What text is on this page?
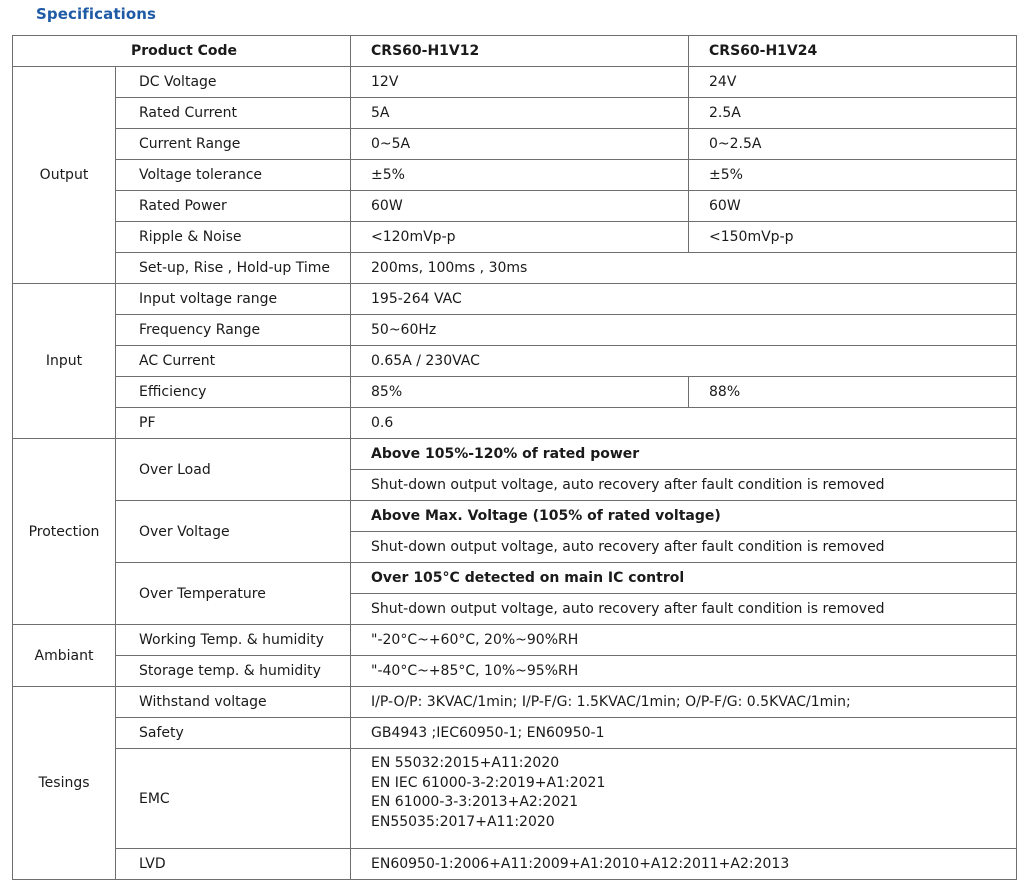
Specifications
Product Code		CRS60-H1V12	CRS60-H1V24
Output	DC Voltage	12V	24V
	Rated Current	5A	2.5A
	Current Range	0~5A	0~2.5A
	Voltage tolerance	±5%	±5%
	Rated Power	60W	60W
	Ripple & Noise	<120mVp-p	<150mVp-p
	Set-up, Rise , Hold-up Time	200ms, 100ms , 30ms	
Input	Input voltage range	195-264 VAC	
	Frequency Range	50~60Hz	
	AC Current	0.65A / 230VAC	
	Efficiency	85%	88%
	PF	0.6	
Protection	Over Load	Above 105%-120% of rated power	
		Shut-down output voltage, auto recovery after fault condition is removed	
	Over Voltage	Above Max. Voltage (105% of rated voltage)	
		Shut-down output voltage, auto recovery after fault condition is removed	
	Over Temperature	Over 105°C detected on main IC control	
		Shut-down output voltage, auto recovery after fault condition is removed	
Ambiant	Working Temp. & humidity	"-20°C~+60°C, 20%~90%RH	
	Storage temp. & humidity	"-40°C~+85°C, 10%~95%RH	
Tesings	Withstand voltage	I/P-O/P: 3KVAC/1min; I/P-F/G: 1.5KVAC/1min; O/P-F/G: 0.5KVAC/1min;	
	Safety	GB4943 ;IEC60950-1; EN60950-1	
	EMC	EN 55032:2015+A11:2020
EN IEC 61000-3-2:2019+A1:2021
EN 61000-3-3:2013+A2:2021
EN55035:2017+A11:2020	

	LVD	EN60950-1:2006+A11:2009+A1:2010+A12:2011+A2:2013	
